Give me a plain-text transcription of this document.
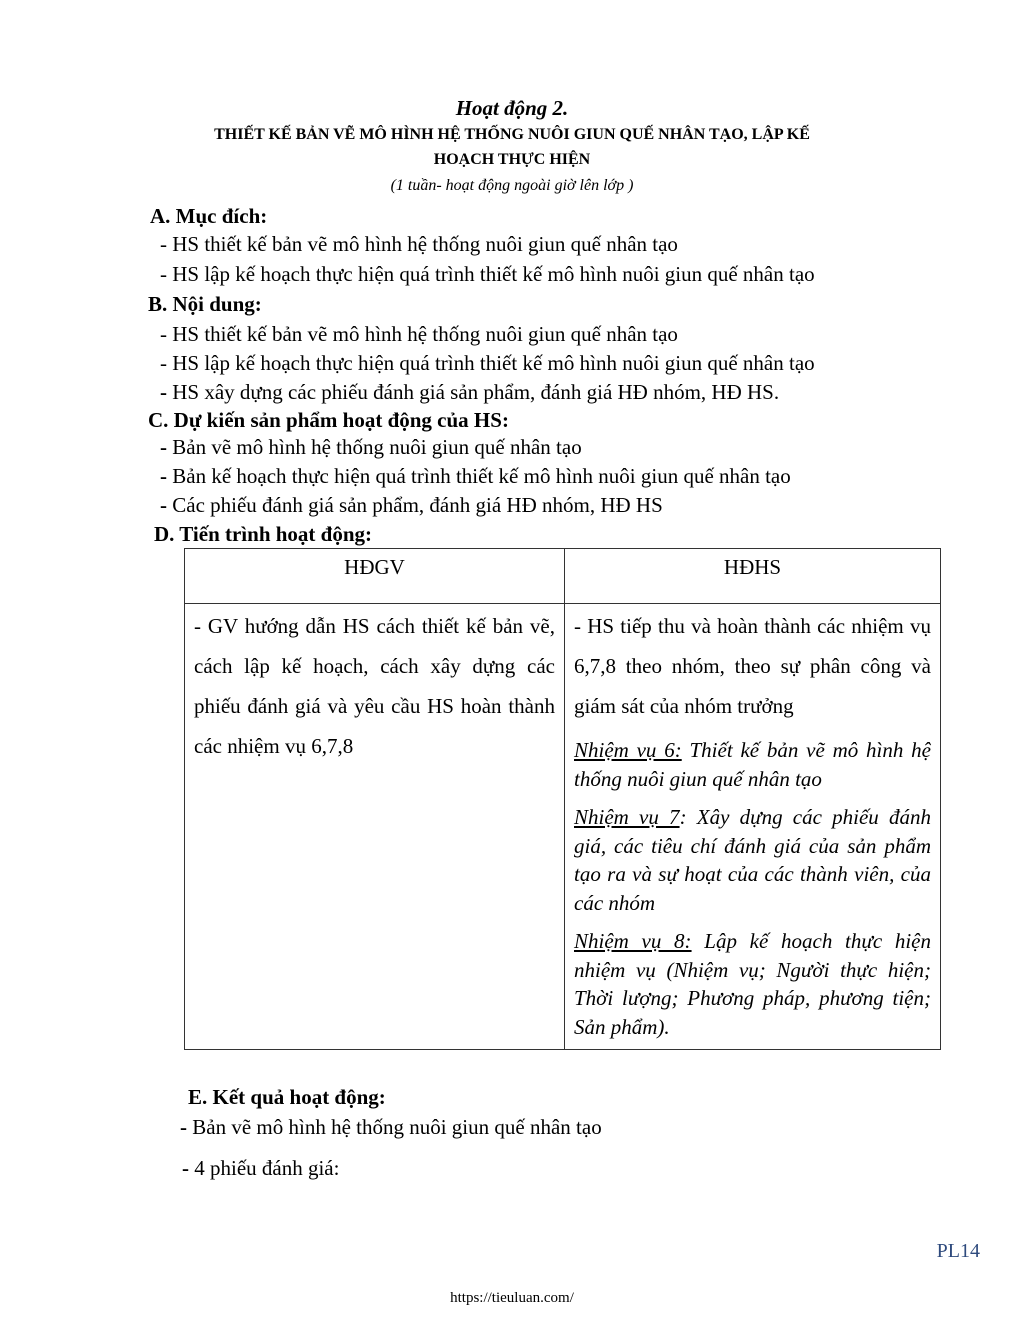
Hoạt động 2.
THIẾT KẾ BẢN VẼ MÔ HÌNH HỆ THỐNG NUÔI GIUN QUẾ NHÂN TẠO, LẬP KẾ
HOẠCH THỰC HIỆN
(1 tuần- hoạt động ngoài giờ lên lớp )
A. Mục đích:
- HS thiết kế bản vẽ mô hình hệ thống nuôi giun quế nhân tạo
- HS lập kế hoạch thực hiện quá trình thiết kế mô hình nuôi giun quế nhân tạo
B. Nội dung:
- HS thiết kế bản vẽ mô hình hệ thống nuôi giun quế nhân tạo
- HS lập kế hoạch thực hiện quá trình thiết kế mô hình nuôi giun quế nhân tạo
- HS xây dựng các phiếu đánh giá sản phẩm, đánh giá HĐ nhóm, HĐ HS.
C. Dự kiến sản phẩm hoạt động của HS:
- Bản vẽ mô hình hệ thống nuôi giun quế nhân tạo
- Bản kế hoạch thực hiện quá trình thiết kế mô hình nuôi giun quế nhân tạo
- Các phiếu đánh giá sản phẩm, đánh giá HĐ nhóm, HĐ HS
D. Tiến trình hoạt động:
HĐGV	HĐHS

- GV hướng dẫn HS cách thiết kế bản vẽ, cách lập kế hoạch, cách xây dựng các phiếu đánh giá và yêu cầu HS hoàn thành các nhiệm vụ 6,7,8	- HS tiếp thu và hoàn thành các nhiệm vụ 6,7,8 theo nhóm, theo sự phân công và giám sát của nhóm trưởng
Nhiệm vụ 6: Thiết kế bản vẽ mô hình hệ thống nuôi giun quế nhân tạo
Nhiệm vụ 7: Xây dựng các phiếu đánh giá, các tiêu chí đánh giá của sản phẩm tạo ra và sự hoạt của các thành viên, của các nhóm
Nhiệm vụ 8: Lập kế hoạch thực hiện nhiệm vụ (Nhiệm vụ; Người thực hiện; Thời lượng; Phương pháp, phương tiện; Sản phẩm).
E. Kết quả hoạt động:
- Bản vẽ mô hình hệ thống nuôi giun quế nhân tạo
- 4 phiếu đánh giá:
PL14
https://tieuluan.com/
